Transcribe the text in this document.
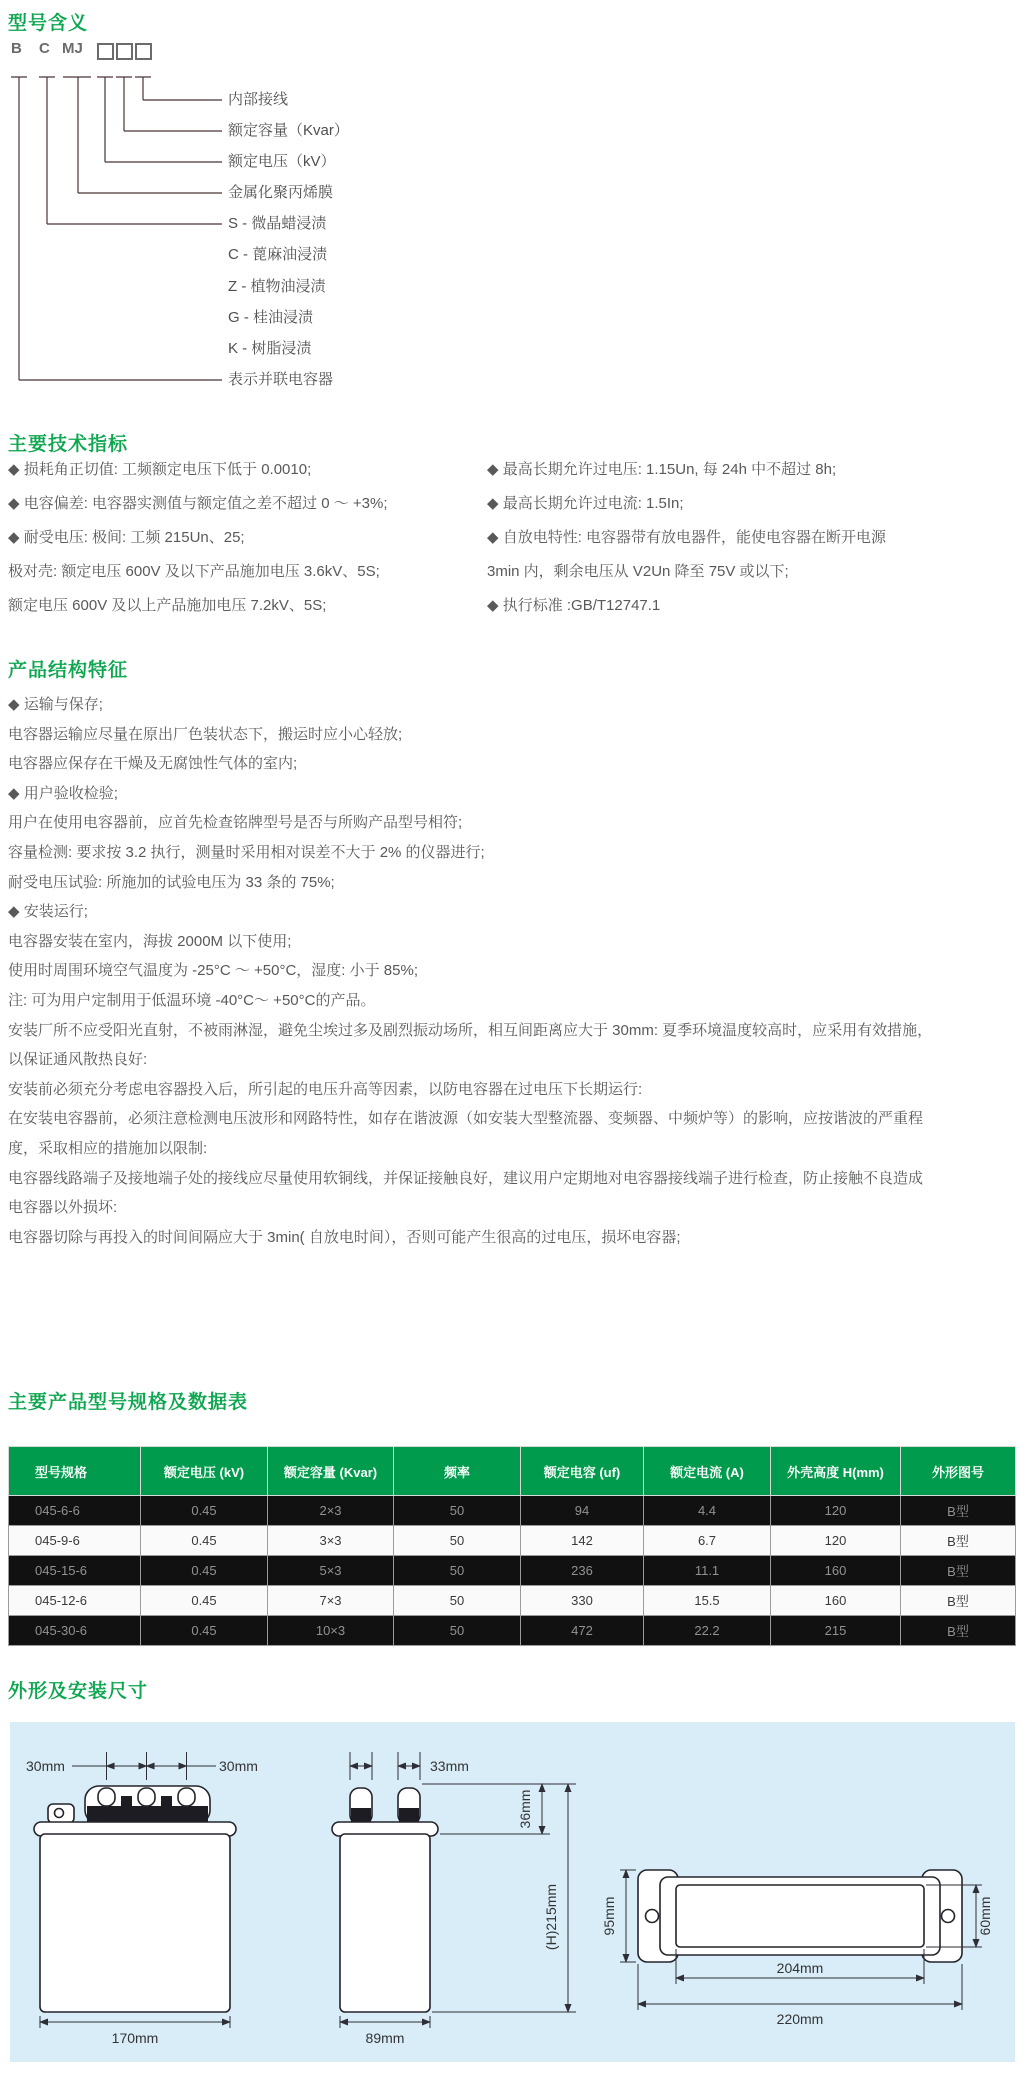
型号含义
B C MJ
内部接线
额定容量（Kvar）
额定电压（kV）
金属化聚丙烯膜
S - 微晶蜡浸渍
C - 蓖麻油浸渍
Z - 植物油浸渍
G - 桂油浸渍
K - 树脂浸渍
表示并联电容器
主要技术指标
◆ 损耗角正切值: 工频额定电压下低于 0.0010;
◆ 电容偏差: 电容器实测值与额定值之差不超过 0 ～ +3%;
◆ 耐受电压: 极间: 工频 215Un、25;
极对壳: 额定电压 600V 及以下产品施加电压 3.6kV、5S;
额定电压 600V 及以上产品施加电压 7.2kV、5S;
◆ 最高长期允许过电压: 1.15Un, 每 24h 中不超过 8h;
◆ 最高长期允许过电流: 1.5In;
◆ 自放电特性: 电容器带有放电器件，能使电容器在断开电源
3min 内，剩余电压从 V2Un 降至 75V 或以下;
◆ 执行标准 :GB/T12747.1
产品结构特征
◆ 运输与保存;
电容器运输应尽量在原出厂色装状态下，搬运时应小心轻放;
电容器应保存在干燥及无腐蚀性气体的室内;
◆ 用户验收检验;
用户在使用电容器前，应首先检查铭牌型号是否与所购产品型号相符;
容量检测: 要求按 3.2 执行，测量时采用相对误差不大于 2% 的仪器进行;
耐受电压试验: 所施加的试验电压为 33 条的 75%;
◆ 安装运行;
电容器安装在室内，海拔 2000M 以下使用;
使用时周围环境空气温度为 -25°C ～ +50°C，湿度: 小于 85%;
注: 可为用户定制用于低温环境 -40°C～ +50°C的产品。
安装厂所不应受阳光直射，不被雨淋湿，避免尘埃过多及剧烈振动场所，相互间距离应大于 30mm: 夏季环境温度较高时，应采用有效措施，
以保证通风散热良好:
安装前必须充分考虑电容器投入后，所引起的电压升高等因素，以防电容器在过电压下长期运行:
在安装电容器前，必须注意检测电压波形和网路特性，如存在谐波源（如安装大型整流器、变频器、中频炉等）的影响，应按谐波的严重程
度，采取相应的措施加以限制:
电容器线路端子及接地端子处的接线应尽量使用软铜线，并保证接触良好，建议用户定期地对电容器接线端子进行检查，防止接触不良造成
电容器以外损坏:
电容器切除与再投入的时间间隔应大于 3min( 自放电时间），否则可能产生很高的过电压，损坏电容器;
主要产品型号规格及数据表
型号规格	额定电压 (kV)	额定容量 (Kvar)	频率	额定电容 (uf)	额定电流 (A)	外壳高度 H(mm)	外形图号
045-6-6	0.45	2×3	50	94	4.4	120	B型
045-9-6	0.45	3×3	50	142	6.7	120	B型
045-15-6	0.45	5×3	50	236	11.1	160	B型
045-12-6	0.45	7×3	50	330	15.5	160	B型
045-30-6	0.45	10×3	50	472	22.2	215	B型
外形及安装尺寸
30mm	30mm
170mm
33mm
36mm
(H)215mm
89mm
95mm
204mm
220mm
60mm
